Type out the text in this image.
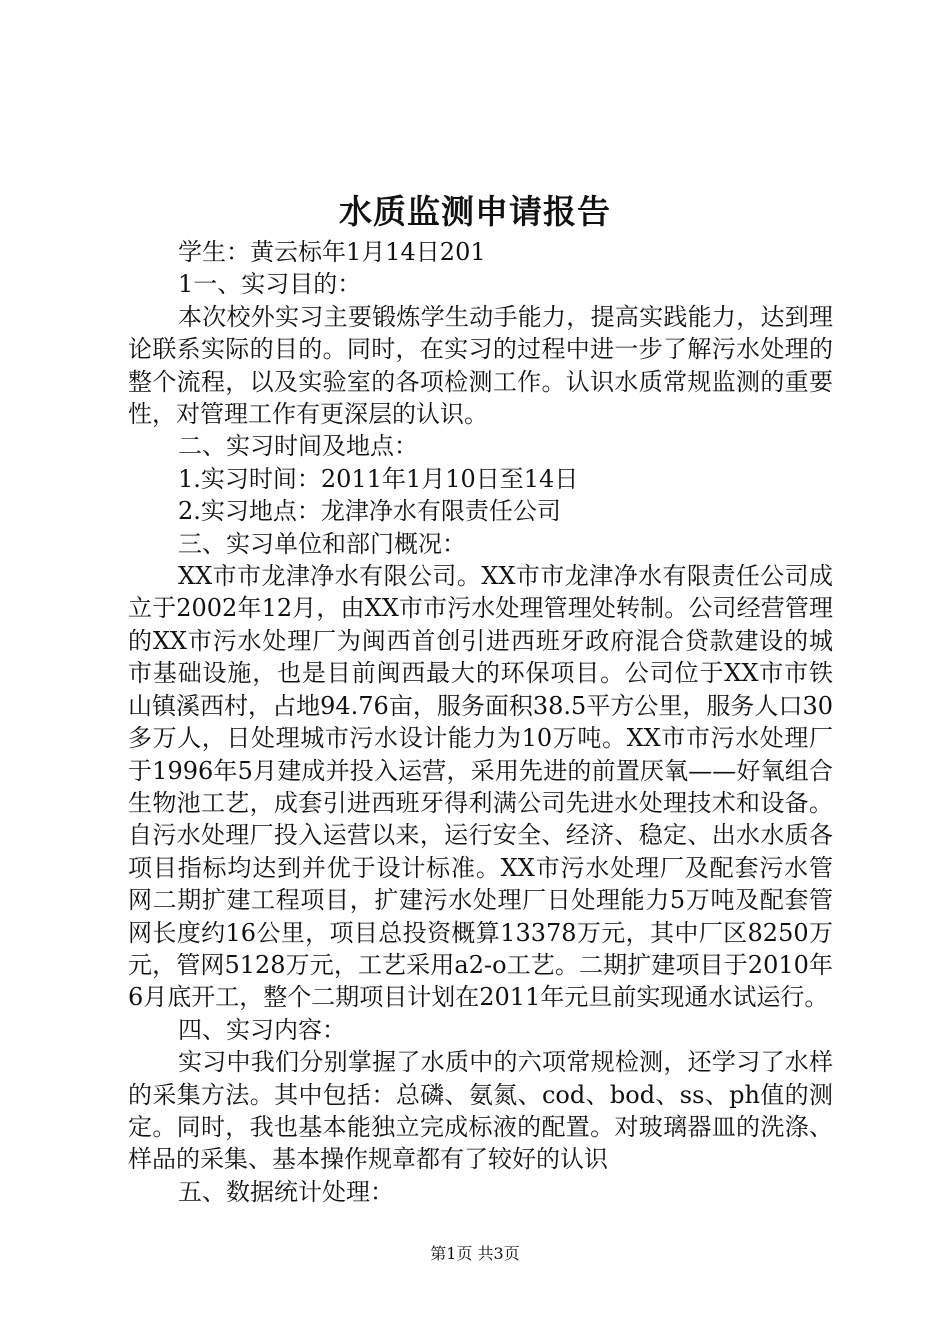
水质监测申请报告

学生：黄云标年1月14日201

1一、实习目的：

本次校外实习主要锻炼学生动手能力，提高实践能力，达到理论联系实际的目的。同时，在实习的过程中进一步了解污水处理的整个流程，以及实验室的各项检测工作。认识水质常规监测的重要性，对管理工作有更深层的认识。

二、实习时间及地点：

1.实习时间：2011年1月10日至14日

2.实习地点：龙津净水有限责任公司

三、实习单位和部门概况：

XX市市龙津净水有限公司。XX市市龙津净水有限责任公司成立于2002年12月，由XX市市污水处理管理处转制。公司经营管理的XX市污水处理厂为闽西首创引进西班牙政府混合贷款建设的城市基础设施，也是目前闽西最大的环保项目。公司位于XX市市铁山镇溪西村，占地94.76亩，服务面积38.5平方公里，服务人口30多万人，日处理城市污水设计能力为10万吨。XX市市污水处理厂于1996年5月建成并投入运营，采用先进的前置厌氧——好氧组合生物池工艺，成套引进西班牙得利满公司先进水处理技术和设备。自污水处理厂投入运营以来，运行安全、经济、稳定、出水水质各项目指标均达到并优于设计标准。XX市污水处理厂及配套污水管网二期扩建工程项目，扩建污水处理厂日处理能力5万吨及配套管网长度约16公里，项目总投资概算13378万元，其中厂区8250万元，管网5128万元，工艺采用a2-o工艺。二期扩建项目于2010年6月底开工，整个二期项目计划在2011年元旦前实现通水试运行。

四、实习内容：

实习中我们分别掌握了水质中的六项常规检测，还学习了水样的采集方法。其中包括：总磷、氨氮、cod、bod、ss、ph值的测定。同时，我也基本能独立完成标液的配置。对玻璃器皿的洗涤、样品的采集、基本操作规章都有了较好的认识

五、数据统计处理：

第1页 共3页
